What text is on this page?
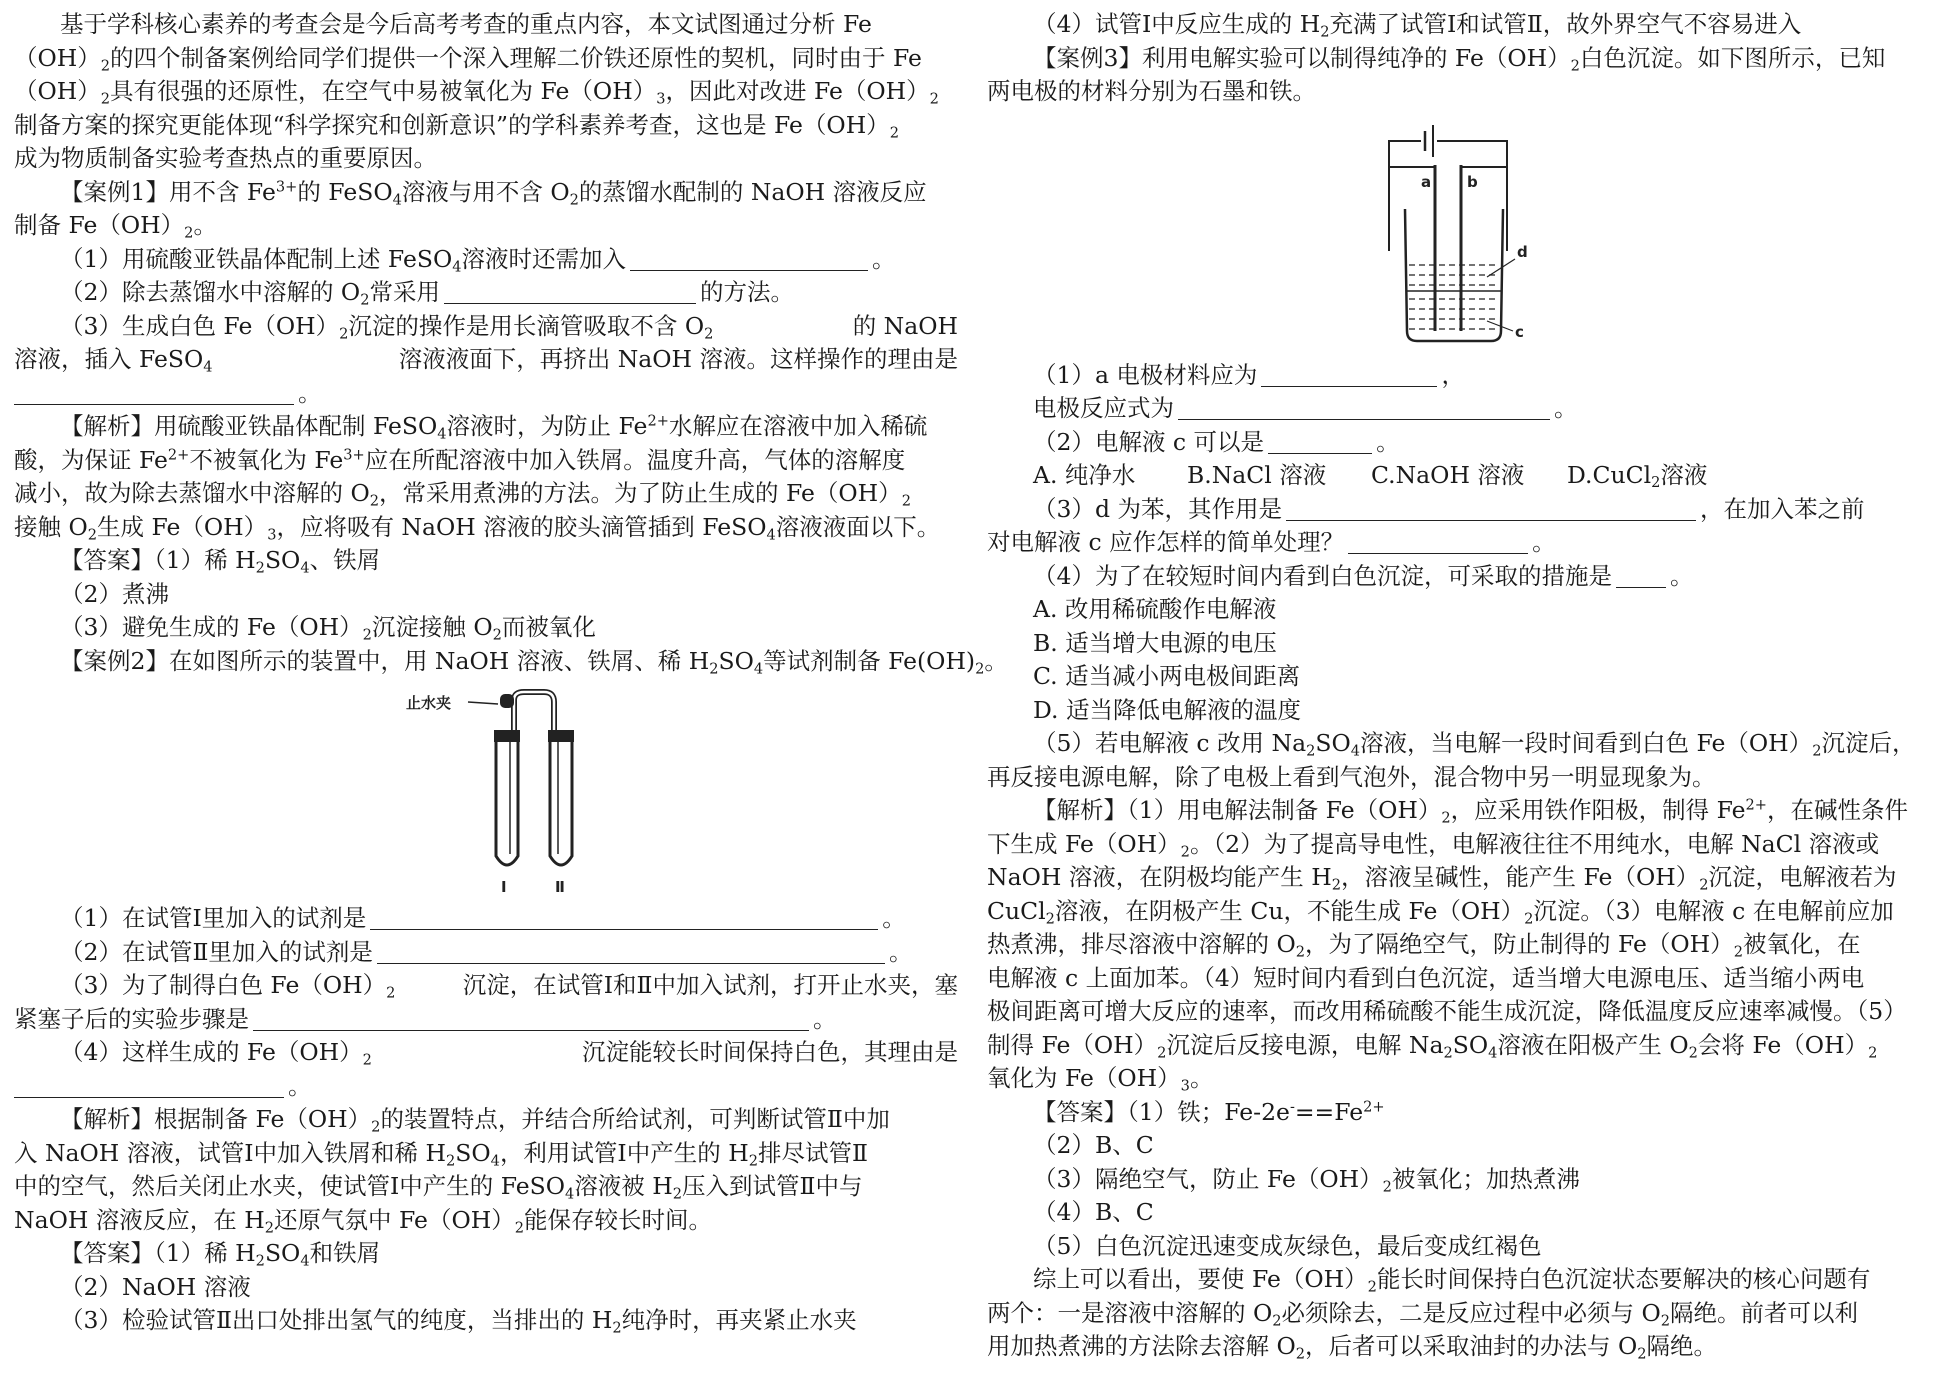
基于学科核心素养的考查会是今后高考考查的重点内容，本文试图通过分析 Fe
$(OH)_2$的四个制备案例给同学们提供一个深入理解二价铁还原性的契机，同时由于 Fe
$(OH)_2$具有很强的还原性，在空气中易被氧化为 $Fe(OH)_3$，因此对改进 $Fe(OH)_2$
制备方案的探究更能体现“科学探究和创新意识”的学科素养考查，这也是 $Fe(OH)_2$
成为物质制备实验考查热点的重要原因。
【案例1】用不含 $Fe^{3+}$的 FeSO$_4$溶液与用不含 $O_2$的蒸馏水配制的 NaOH 溶液反应
制备 $Fe(OH)_2$。
（1）用硫酸亚铁晶体配制上述 FeSO$_4$溶液时还需加入	。
（2）除去蒸馏水中溶解的 $O_2$常采用	的方法。
（3）生成白色 $Fe(OH)_2$沉淀的操作是用长滴管吸取不含 $O_2$	的 NaOH
溶液，插入 FeSO$_4$	溶液液面下，再挤出 NaOH 溶液。这样操作的理由是
。
【解析】用硫酸亚铁晶体配制 FeSO$_4$溶液时，为防止 $Fe^{2+}$水解应在溶液中加入稀硫
酸，为保证 $Fe^{2+}$不被氧化为 $Fe^{3+}$应在所配溶液中加入铁屑。温度升高，气体的溶解度
减小，故为除去蒸馏水中溶解的 $O_2$，常采用煮沸的方法。为了防止生成的 $Fe(OH)_2$
接触 $O_2$生成 $Fe(OH)_3$，应将吸有 NaOH 溶液的胶头滴管插到 FeSO$_4$溶液液面以下。
【答案】（1）稀 $H_2SO_4$、铁屑
（2）煮沸
（3）避免生成的 $Fe(OH)_2$沉淀接触 $O_2$而被氧化
【案例2】在如图所示的装置中，用 NaOH 溶液、铁屑、稀 $H_2SO_4$等试剂制备 $Fe(OH)_2$。
止水夹
Ⅰ	Ⅱ
（1）在试管Ⅰ里加入的试剂是	。
（2）在试管Ⅱ里加入的试剂是	。
（3）为了制得白色 $Fe(OH)_2$	沉淀，在试管Ⅰ和Ⅱ中加入试剂，打开止水夹，塞
紧塞子后的实验步骤是	。
（4）这样生成的 $Fe(OH)_2$	沉淀能较长时间保持白色，其理由是
。
【解析】根据制备 $Fe(OH)_2$的装置特点，并结合所给试剂，可判断试管Ⅱ中加
入 NaOH 溶液，试管Ⅰ中加入铁屑和稀 $H_2SO_4$，利用试管Ⅰ中产生的 $H_2$排尽试管Ⅱ
中的空气，然后关闭止水夹，使试管Ⅰ中产生的 FeSO$_4$溶液被 $H_2$压入到试管Ⅱ中与
NaOH 溶液反应，在 $H_2$还原气氛中 $Fe(OH)_2$能保存较长时间。
【答案】（1）稀 $H_2SO_4$和铁屑
（2）NaOH 溶液
（3）检验试管Ⅱ出口处排出氢气的纯度，当排出的 $H_2$纯净时，再夹紧止水夹
（4）试管Ⅰ中反应生成的 $H_2$充满了试管Ⅰ和试管Ⅱ，故外界空气不容易进入
【案例3】利用电解实验可以制得纯净的 $Fe(OH)_2$白色沉淀。如下图所示，已知
两电极的材料分别为石墨和铁。
a b
d
c
（1）a 电极材料应为	，
电极反应式为	。
（2）电解液 c 可以是	。
A. 纯净水	B.NaCl 溶液	C.NaOH 溶液	D.CuCl2溶液
（3）d 为苯，其作用是	，在加入苯之前
对电解液 c 应作怎样的简单处理？	。
（4）为了在较短时间内看到白色沉淀，可采取的措施是 。
A. 改用稀硫酸作电解液
B. 适当增大电源的电压
C. 适当减小两电极间距离
D. 适当降低电解液的温度
（5）若电解液 c 改用 $Na_2SO_4$溶液，当电解一段时间看到白色 $Fe(OH)_2$沉淀后，
再反接电源电解，除了电极上看到气泡外，混合物中另一明显现象为。
【解析】（1）用电解法制备 $Fe(OH)_2$，应采用铁作阳极，制得 $Fe^{2+}$，在碱性条件
下生成 $Fe(OH)_2$。（2）为了提高导电性，电解液往往不用纯水，电解 NaCl 溶液或
NaOH 溶液，在阴极均能产生 $H_2$，溶液呈碱性，能产生 $Fe(OH)_2$沉淀，电解液若为
CuCl$_2$溶液，在阴极产生 Cu，不能生成 $Fe(OH)_2$沉淀。（3）电解液 c 在电解前应加
热煮沸，排尽溶液中溶解的 $O_2$，为了隔绝空气，防止制得的 $Fe(OH)_2$被氧化，在
电解液 c 上面加苯。（4）短时间内看到白色沉淀，适当增大电源电压、适当缩小两电
极间距离可增大反应的速率，而改用稀硫酸不能生成沉淀，降低温度反应速率减慢。（5）
制得 $Fe(OH)_2$沉淀后反接电源，电解 $Na_2SO_4$溶液在阳极产生 $O_2$会将 $Fe(OH)_2$
氧化为 $Fe(OH)_3$。
【答案】（1）铁；$Fe-2e^-==Fe^{2+}$
（2）B、C
（3）隔绝空气，防止 $Fe(OH)_2$被氧化；加热煮沸
（4）B、C
（5）白色沉淀迅速变成灰绿色，最后变成红褐色
综上可以看出，要使 $Fe(OH)_2$能长时间保持白色沉淀状态要解决的核心问题有
两个：一是溶液中溶解的 $O_2$必须除去，二是反应过程中必须与 $O_2$隔绝。前者可以利
用加热煮沸的方法除去溶解 $O_2$，后者可以采取油封的办法与 $O_2$隔绝。
